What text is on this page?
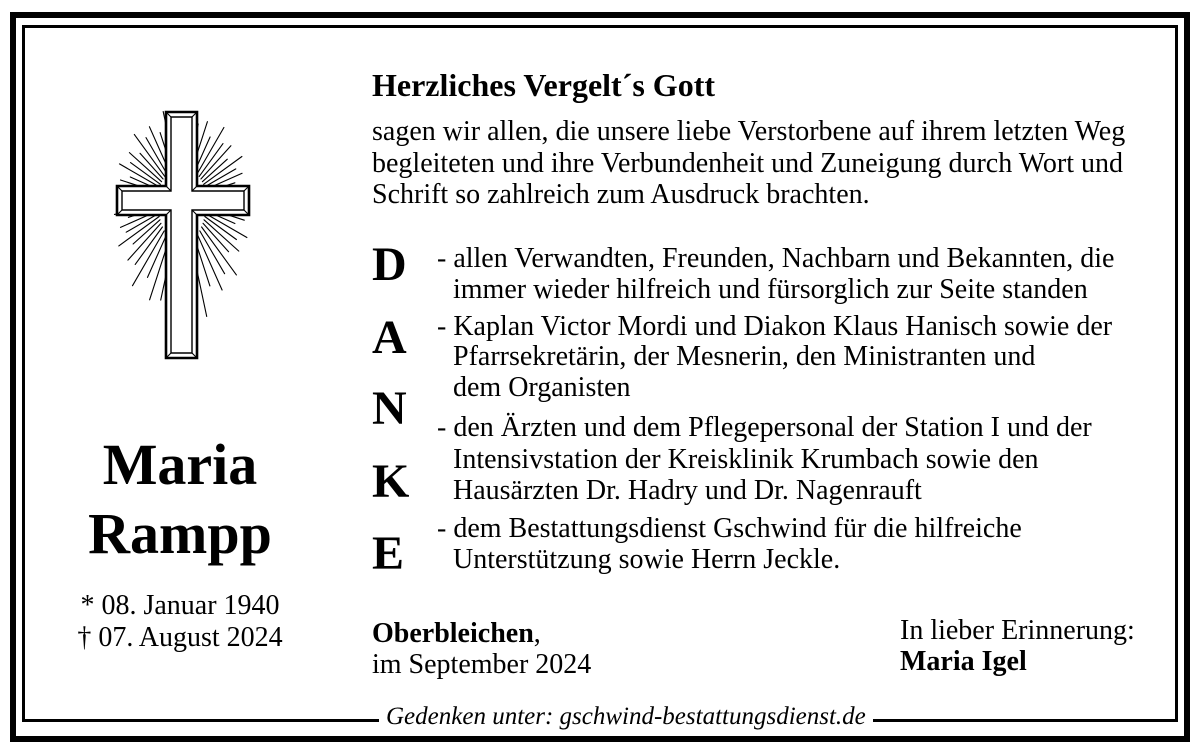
Maria
Rampp
* 08. Januar 1940
† 07. August 2024
Herzliches Vergelt´s Gott
sagen wir allen, die unsere liebe Verstorbene auf ihrem letzten Weg
begleiteten und ihre Verbundenheit und Zuneigung durch Wort und
Schrift so zahlreich zum Ausdruck brachten.
D
A
N
K
E
- allen Verwandten, Freunden, Nachbarn und Bekannten, die
immer wieder hilfreich und fürsorglich zur Seite standen
- Kaplan Victor Mordi und Diakon Klaus Hanisch sowie der
Pfarrsekretärin, der Mesnerin, den Ministranten und
dem Organisten
- den Ärzten und dem Pflegepersonal der Station I und der
Intensivstation der Kreisklinik Krumbach sowie den
Hausärzten Dr. Hadry und Dr. Nagenrauft
- dem Bestattungsdienst Gschwind für die hilfreiche
Unterstützung sowie Herrn Jeckle.
Oberbleichen,
im September 2024
In lieber Erinnerung:
Maria Igel
Gedenken unter: gschwind-bestattungsdienst.de
